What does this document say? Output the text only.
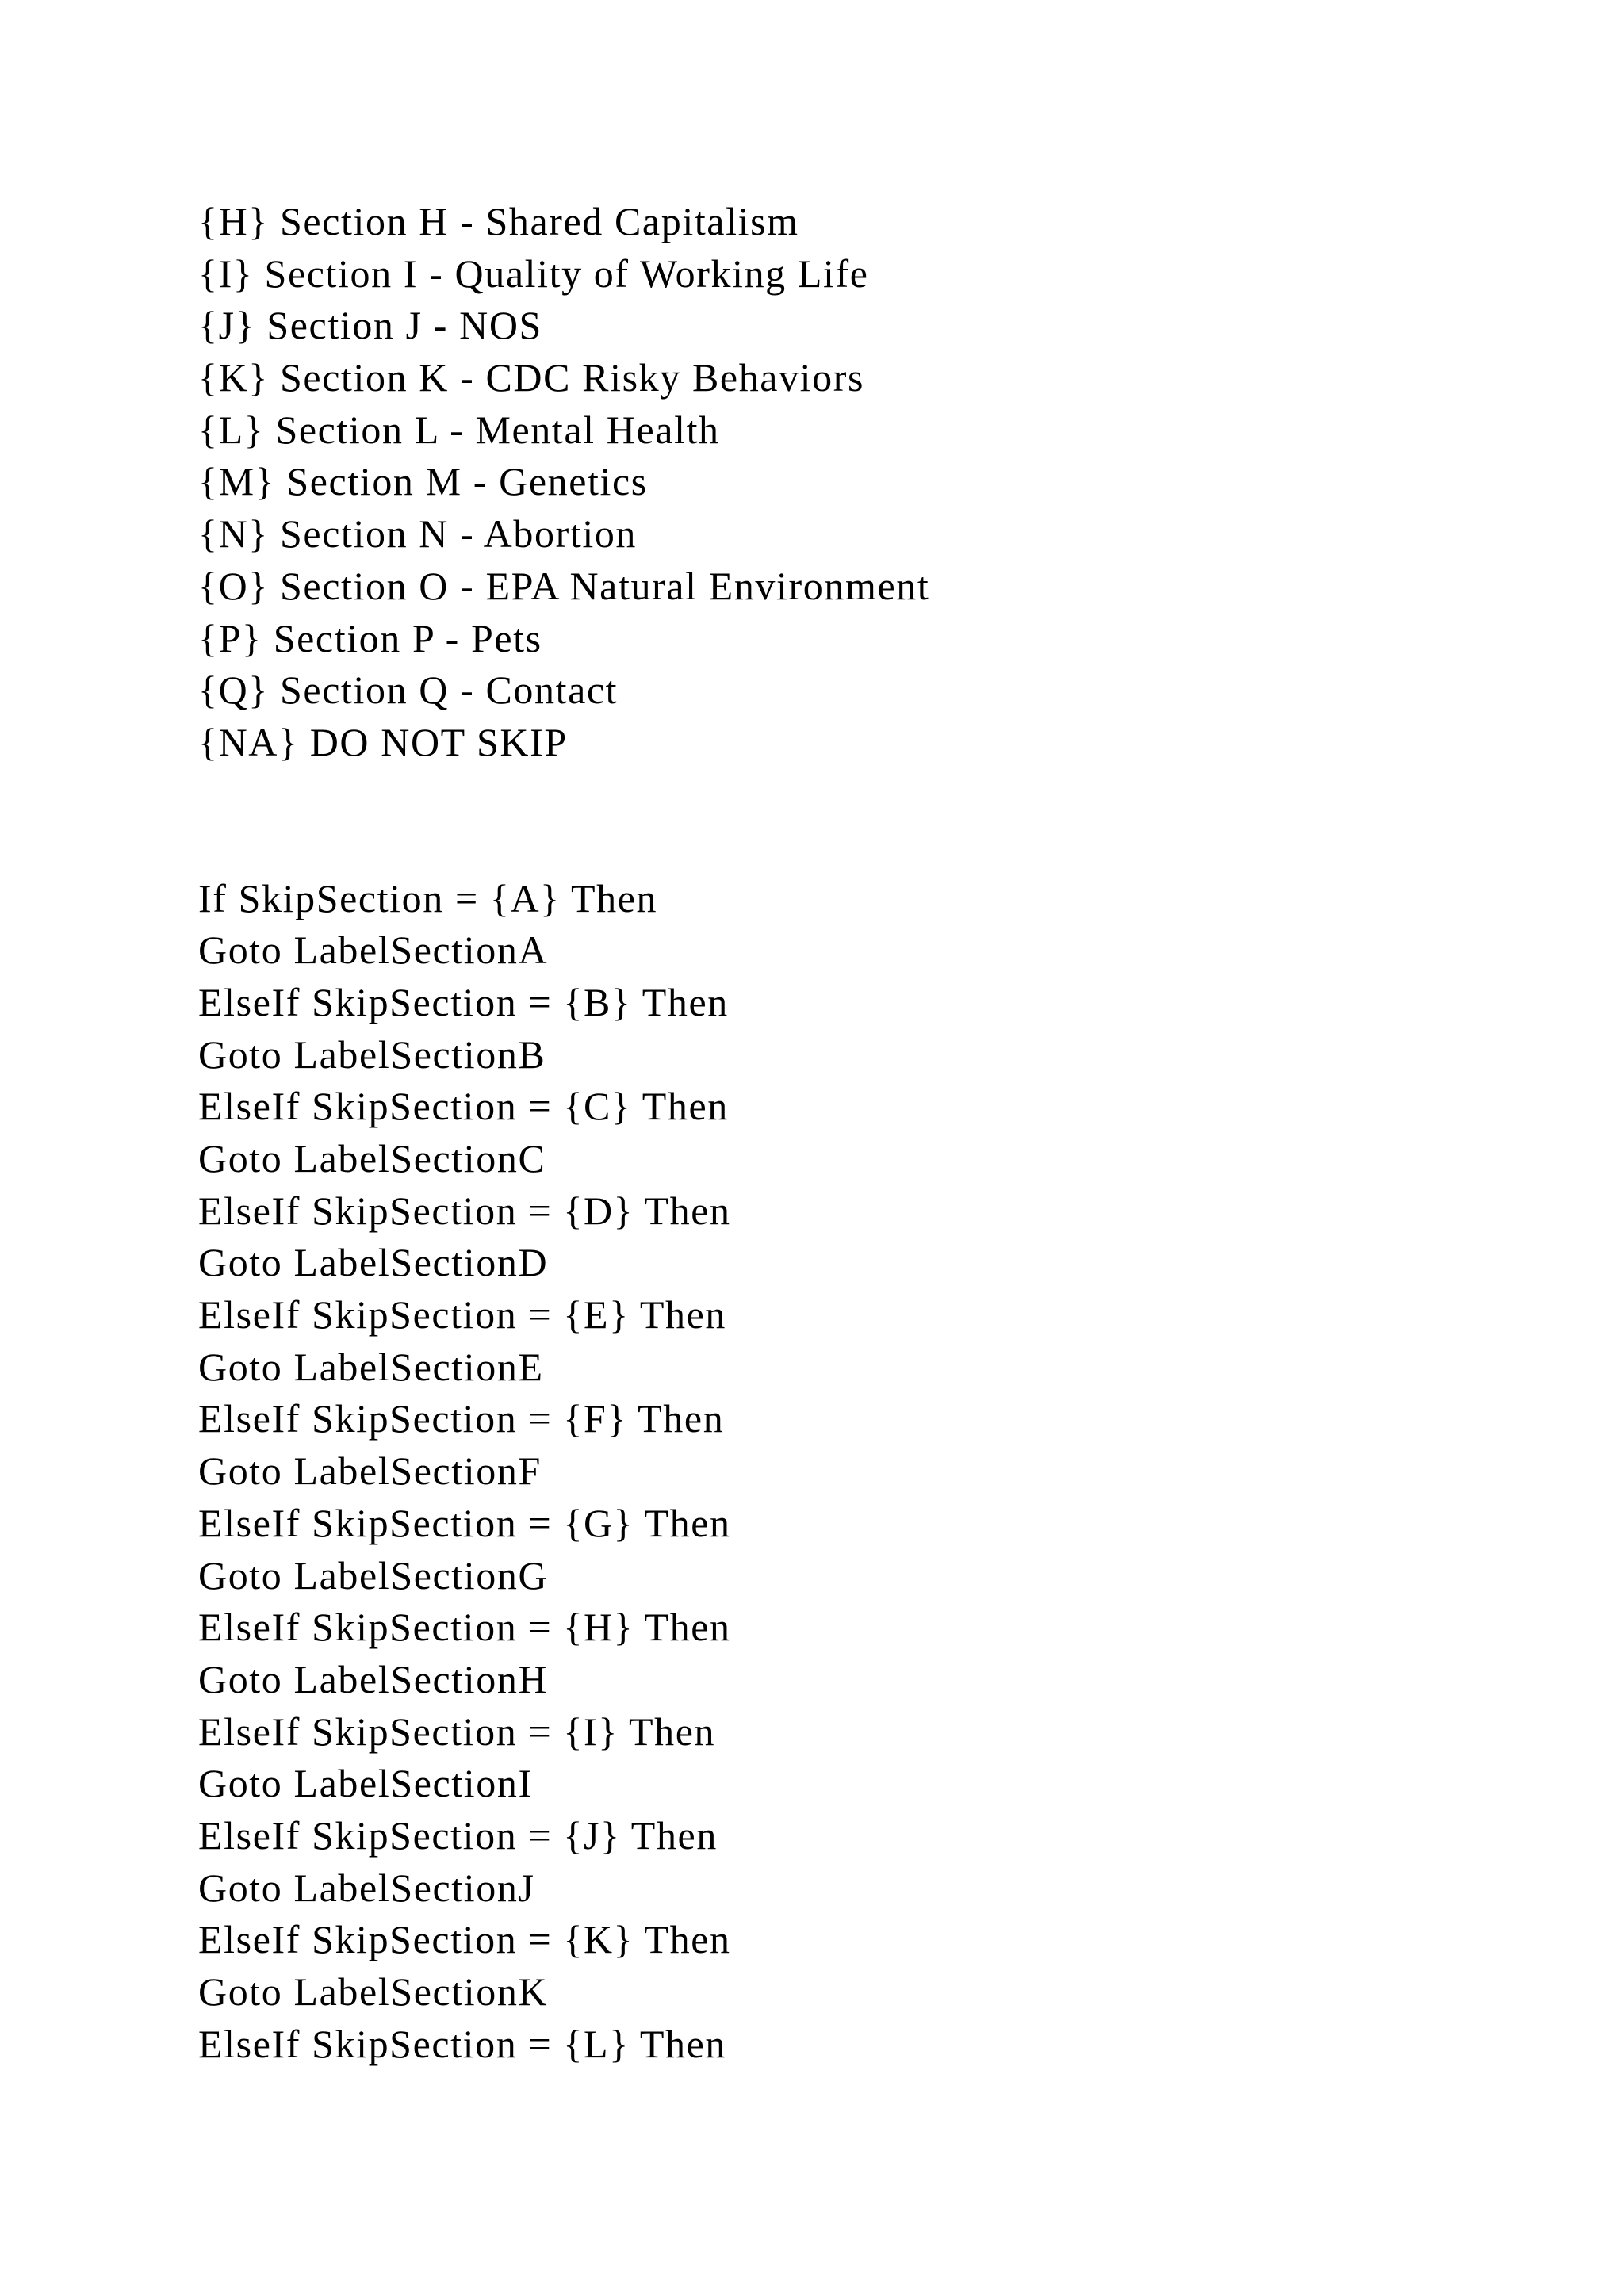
{H} Section H - Shared Capitalism
{I} Section I - Quality of Working Life
{J} Section J - NOS
{K} Section K - CDC Risky Behaviors
{L} Section L - Mental Health
{M} Section M - Genetics
{N} Section N - Abortion
{O} Section O - EPA Natural Environment
{P} Section P - Pets
{Q} Section Q - Contact
{NA} DO NOT SKIP
If SkipSection = {A} Then
Goto LabelSectionA
ElseIf SkipSection = {B} Then
Goto LabelSectionB
ElseIf SkipSection = {C} Then
Goto LabelSectionC
ElseIf SkipSection = {D} Then
Goto LabelSectionD
ElseIf SkipSection = {E} Then
Goto LabelSectionE
ElseIf SkipSection = {F} Then
Goto LabelSectionF
ElseIf SkipSection = {G} Then
Goto LabelSectionG
ElseIf SkipSection = {H} Then
Goto LabelSectionH
ElseIf SkipSection = {I} Then
Goto LabelSectionI
ElseIf SkipSection = {J} Then
Goto LabelSectionJ
ElseIf SkipSection = {K} Then
Goto LabelSectionK
ElseIf SkipSection = {L} Then
